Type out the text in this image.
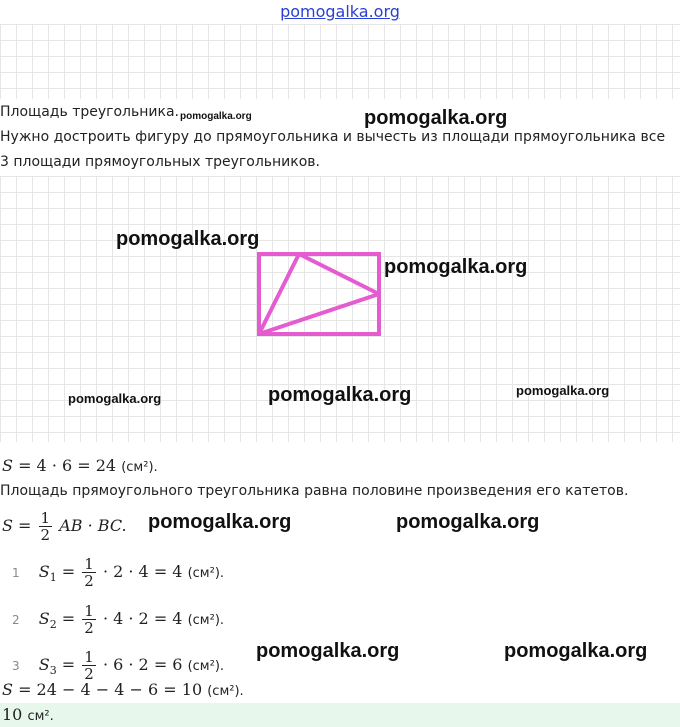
pomogalka.org
Площадь треугольника. pomogalka.org	pomogalka.org
Нужно достроить фигуру до прямоугольника и вычесть из площади прямоугольника все
3 площади прямоугольных треугольников.
pomogalka.org
pomogalka.org
pomogalka.org	pomogalka.org	pomogalka.org
S = 4 · 6 = 24 (см²).
Площадь прямоугольного треугольника равна половине произведения его катетов.
$S = \frac{1}{2}$ AB · BC. pomogalka.org	pomogalka.org
1 $S_1 = \frac{1}{2} \cdot 2 \cdot 4 = 4$ (см²).
2 $S_2 = \frac{1}{2} \cdot 4 \cdot 2 = 4$ (см²).
3 $S_3 = \frac{1}{2} \cdot 6 \cdot 2 = 6$ (см²).
pomogalka.org	pomogalka.org
S = 24 − 4 − 4 − 6 = 10 (см²).
10 см².
